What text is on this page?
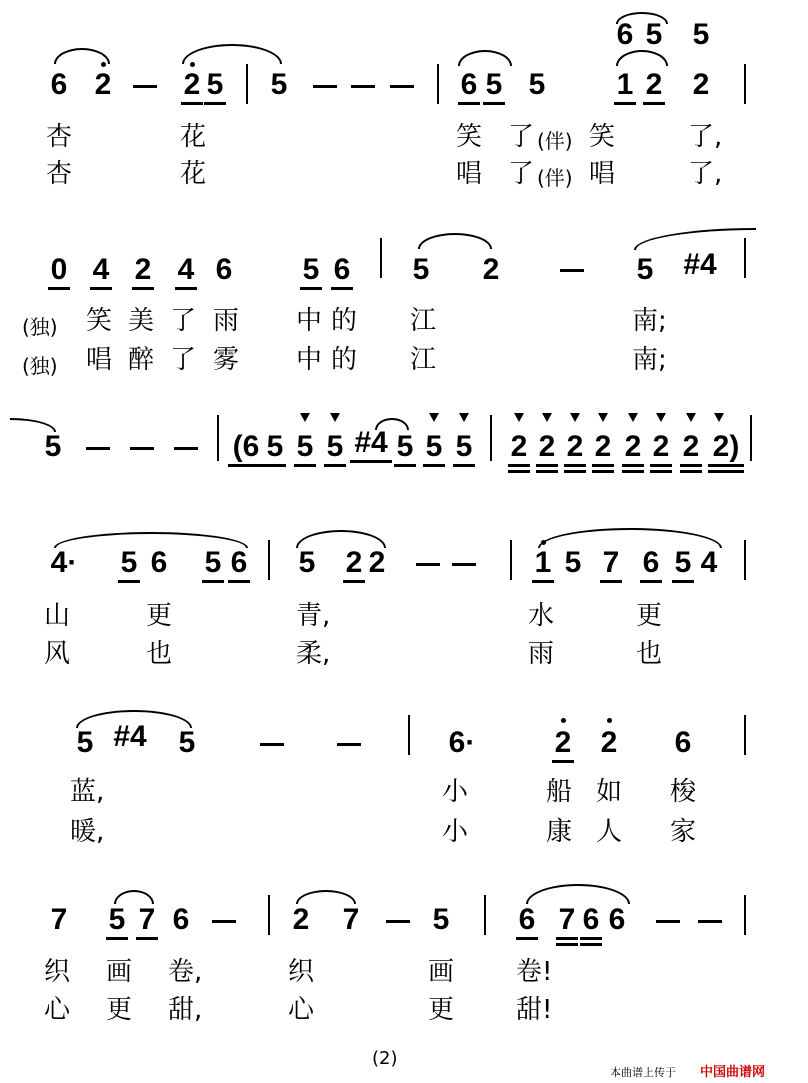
6 5 5
6 2 2 5 5	6 5 5 1 2 2
杏	花	笑 了 (伴) 笑	了,
杏	花	唱 了 (伴) 唱	了,
0 4 2 4 6 5 6 5 2	5 #4
(独) 笑 美 了 雨 中 的 江	南;
(独) 唱 醉 了 雾 中 的 江	南;
5	(6 5 5 5 #4 5 5 5 2 2 2 2 2 2 2 2)
4· 5 6 5 6 5 2 2	1 5 7 6 5 4
山	更	青,	水	更
风	也	柔,	雨	也
5 #4 5	6·	2 2 6
蓝,	小	船 如 梭
暖,	小	康 人 家
7 5 7 6	2 7 5 6 7 6 6
织 画 卷,	织	画 卷!
心 更 甜,	心	更 甜!
(2)
本曲谱上传于 中国曲谱网
